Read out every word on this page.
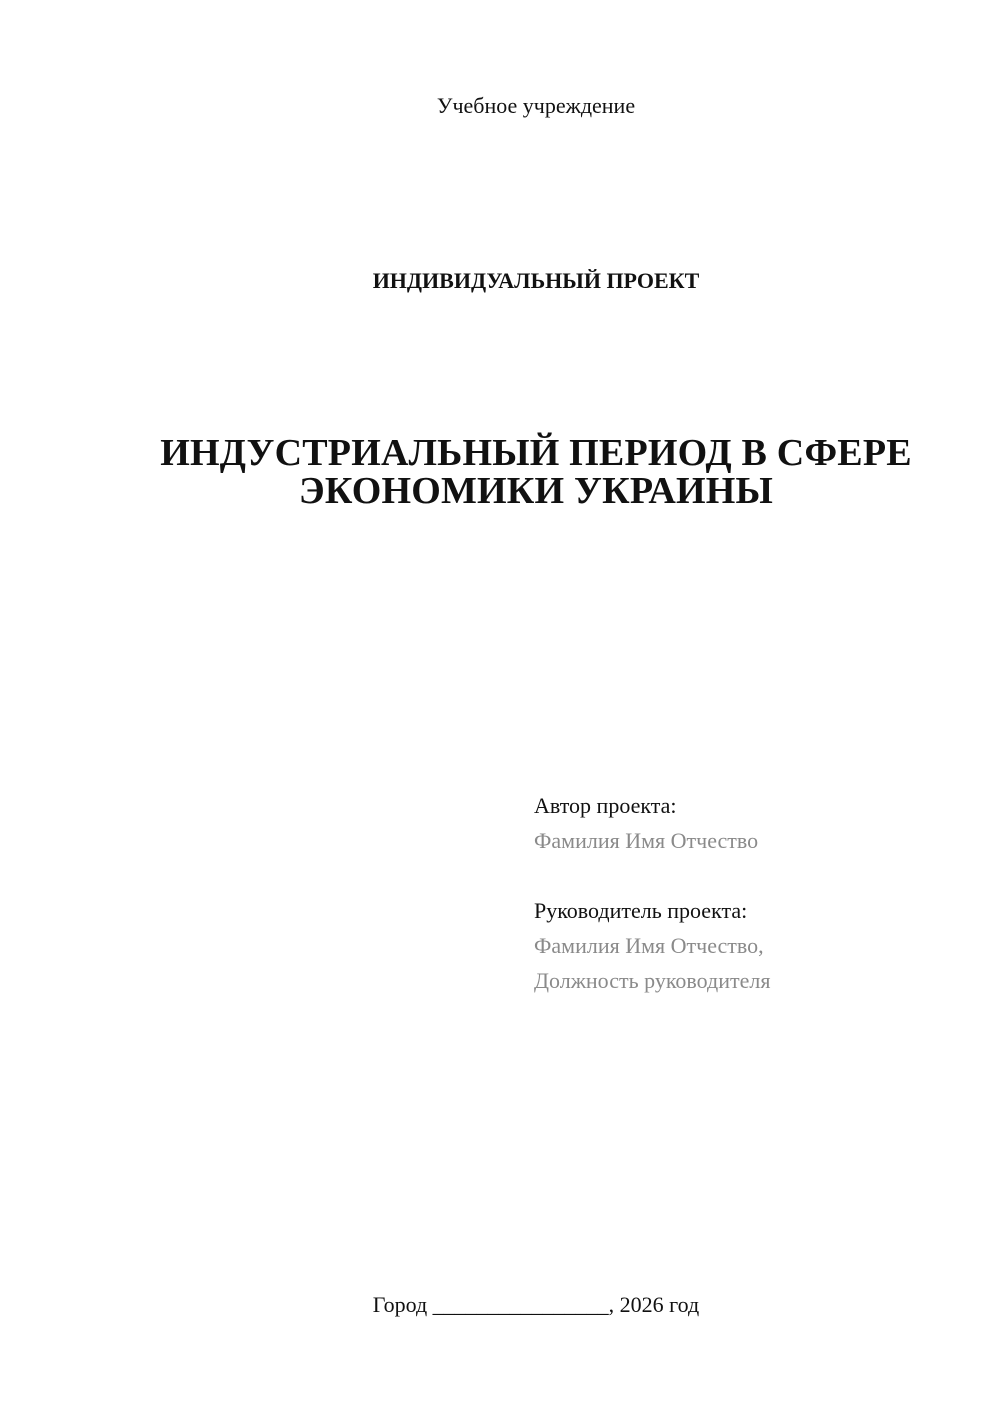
Учебное учреждение
ИНДИВИДУАЛЬНЫЙ ПРОЕКТ
ИНДУСТРИАЛЬНЫЙ ПЕРИОД В СФЕРЕ
ЭКОНОМИКИ УКРАИНЫ
Автор проекта:
Фамилия Имя Отчество
Руководитель проекта:
Фамилия Имя Отчество,
Должность руководителя
Город ________________, 2026 год
